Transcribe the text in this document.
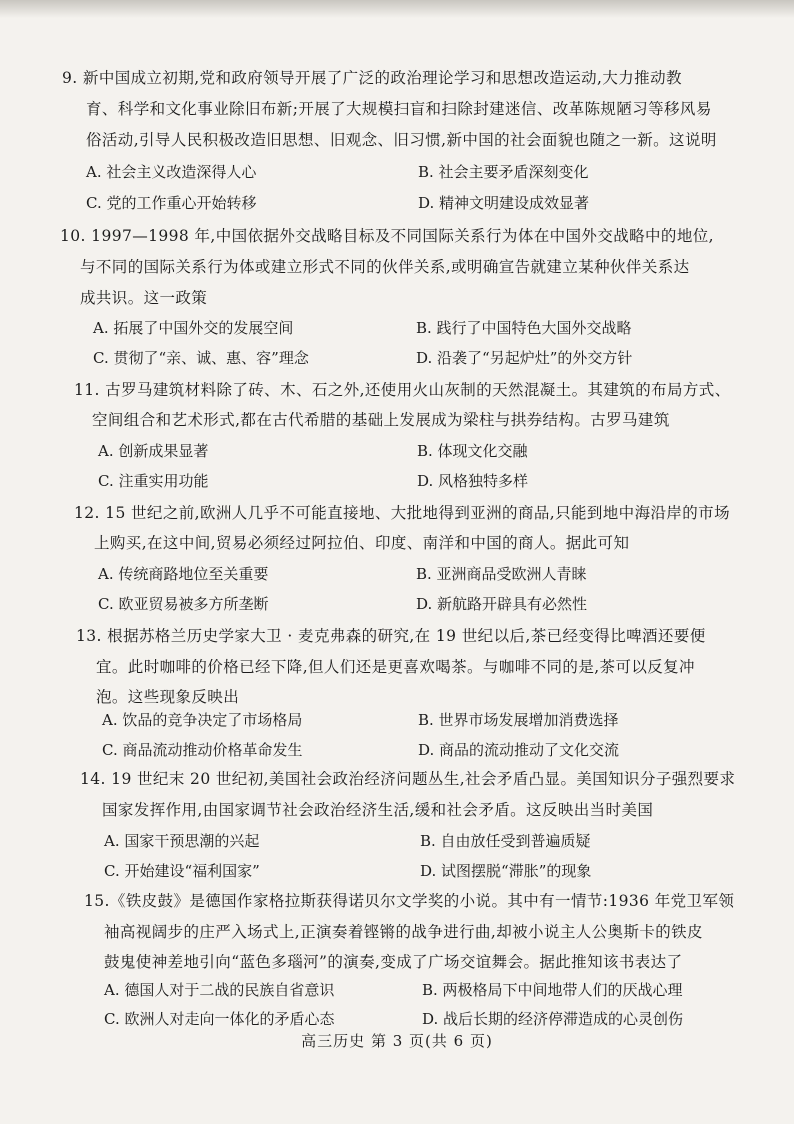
9. 新中国成立初期,党和政府领导开展了广泛的政治理论学习和思想改造运动,大力推动教
育、科学和文化事业除旧布新;开展了大规模扫盲和扫除封建迷信、改革陈规陋习等移风易
俗活动,引导人民积极改造旧思想、旧观念、旧习惯,新中国的社会面貌也随之一新。这说明
A. 社会主义改造深得人心	B. 社会主要矛盾深刻变化
C. 党的工作重心开始转移	D. 精神文明建设成效显著
10. 1997—1998 年,中国依据外交战略目标及不同国际关系行为体在中国外交战略中的地位,
与不同的国际关系行为体或建立形式不同的伙伴关系,或明确宣告就建立某种伙伴关系达
成共识。这一政策
A. 拓展了中国外交的发展空间	B. 践行了中国特色大国外交战略
C. 贯彻了“亲、诚、惠、容”理念	D. 沿袭了“另起炉灶”的外交方针
11. 古罗马建筑材料除了砖、木、石之外,还使用火山灰制的天然混凝土。其建筑的布局方式、
空间组合和艺术形式,都在古代希腊的基础上发展成为梁柱与拱券结构。古罗马建筑
A. 创新成果显著	B. 体现文化交融
C. 注重实用功能	D. 风格独特多样
12. 15 世纪之前,欧洲人几乎不可能直接地、大批地得到亚洲的商品,只能到地中海沿岸的市场
上购买,在这中间,贸易必须经过阿拉伯、印度、南洋和中国的商人。据此可知
A. 传统商路地位至关重要	B. 亚洲商品受欧洲人青睐
C. 欧亚贸易被多方所垄断	D. 新航路开辟具有必然性
13. 根据苏格兰历史学家大卫 · 麦克弗森的研究,在 19 世纪以后,茶已经变得比啤酒还要便
宜。此时咖啡的价格已经下降,但人们还是更喜欢喝茶。与咖啡不同的是,茶可以反复冲
泡。这些现象反映出
A. 饮品的竞争决定了市场格局	B. 世界市场发展增加消费选择
C. 商品流动推动价格革命发生	D. 商品的流动推动了文化交流
14. 19 世纪末 20 世纪初,美国社会政治经济问题丛生,社会矛盾凸显。美国知识分子强烈要求
国家发挥作用,由国家调节社会政治经济生活,缓和社会矛盾。这反映出当时美国
A. 国家干预思潮的兴起	B. 自由放任受到普遍质疑
C. 开始建设“福利国家”	D. 试图摆脱“滞胀”的现象
15.《铁皮鼓》是德国作家格拉斯获得诺贝尔文学奖的小说。其中有一情节:1936 年党卫军领
袖高视阔步的庄严入场式上,正演奏着铿锵的战争进行曲,却被小说主人公奥斯卡的铁皮
鼓鬼使神差地引向“蓝色多瑙河”的演奏,变成了广场交谊舞会。据此推知该书表达了
A. 德国人对于二战的民族自省意识	B. 两极格局下中间地带人们的厌战心理
C. 欧洲人对走向一体化的矛盾心态	D. 战后长期的经济停滞造成的心灵创伤
高三历史 第 3 页(共 6 页)
